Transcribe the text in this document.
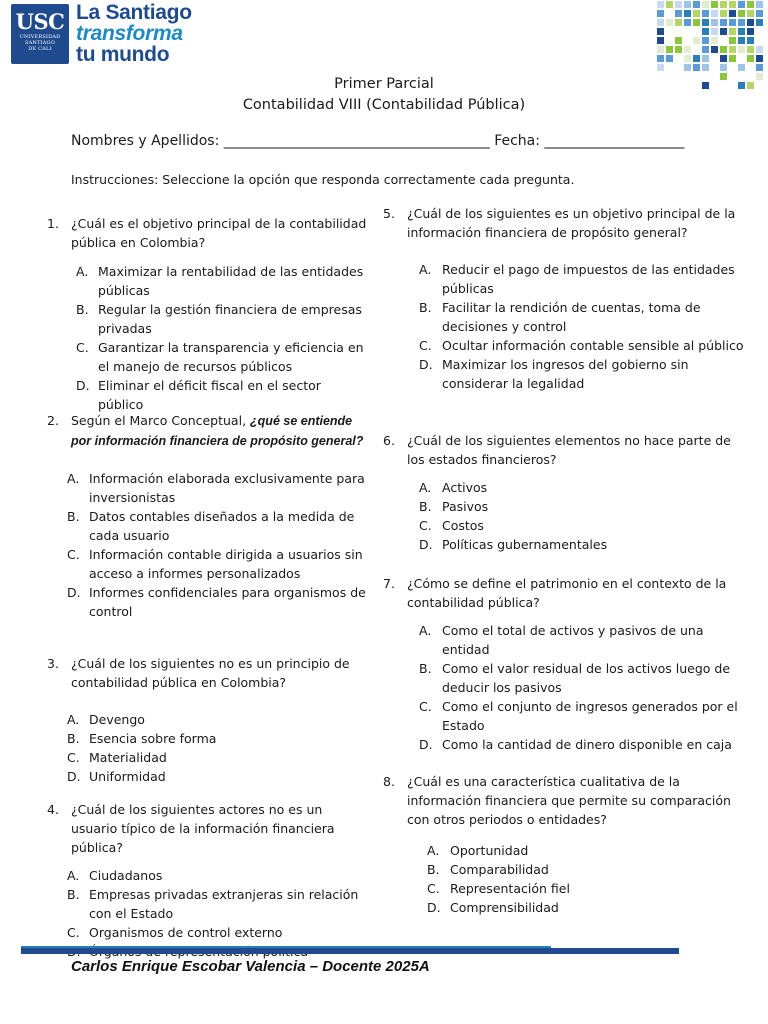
USC
UNIVERSIDAD
SANTIAGO
DE CALI
La Santiago
transforma
tu mundo
Primer Parcial
Contabilidad VIII (Contabilidad Pública)
Nombres y Apellidos: ______________________________________ Fecha: ____________________
Instrucciones: Seleccione la opción que responda correctamente cada pregunta.
1. ¿Cuál es el objetivo principal de la contabilidad pública en Colombia?
A. Maximizar la rentabilidad de las entidades públicas
B. Regular la gestión financiera de empresas privadas
C. Garantizar la transparencia y eficiencia en el manejo de recursos públicos
D. Eliminar el déficit fiscal en el sector público
2. Según el Marco Conceptual, ¿qué se entiende por información financiera de propósito general?
A. Información elaborada exclusivamente para inversionistas
B. Datos contables diseñados a la medida de cada usuario
C. Información contable dirigida a usuarios sin acceso a informes personalizados
D. Informes confidenciales para organismos de control
3. ¿Cuál de los siguientes no es un principio de contabilidad pública en Colombia?
A. Devengo
B. Esencia sobre forma
C. Materialidad
D. Uniformidad
4. ¿Cuál de los siguientes actores no es un usuario típico de la información financiera pública?
A. Ciudadanos
B. Empresas privadas extranjeras sin relación con el Estado
C. Organismos de control externo
5. ¿Cuál de los siguientes es un objetivo principal de la información financiera de propósito general?
A. Reducir el pago de impuestos de las entidades públicas
B. Facilitar la rendición de cuentas, toma de decisiones y control
C. Ocultar información contable sensible al público
D. Maximizar los ingresos del gobierno sin considerar la legalidad
6. ¿Cuál de los siguientes elementos no hace parte de los estados financieros?
A. Activos
B. Pasivos
C. Costos
D. Políticas gubernamentales
7. ¿Cómo se define el patrimonio en el contexto de la contabilidad pública?
A. Como el total de activos y pasivos de una entidad
B. Como el valor residual de los activos luego de deducir los pasivos
C. Como el conjunto de ingresos generados por el Estado
D. Como la cantidad de dinero disponible en caja
8. ¿Cuál es una característica cualitativa de la información financiera que permite su comparación con otros periodos o entidades?
A. Oportunidad
B. Comparabilidad
C. Representación fiel
D. Comprensibilidad
Carlos Enrique Escobar Valencia – Docente 2025A
